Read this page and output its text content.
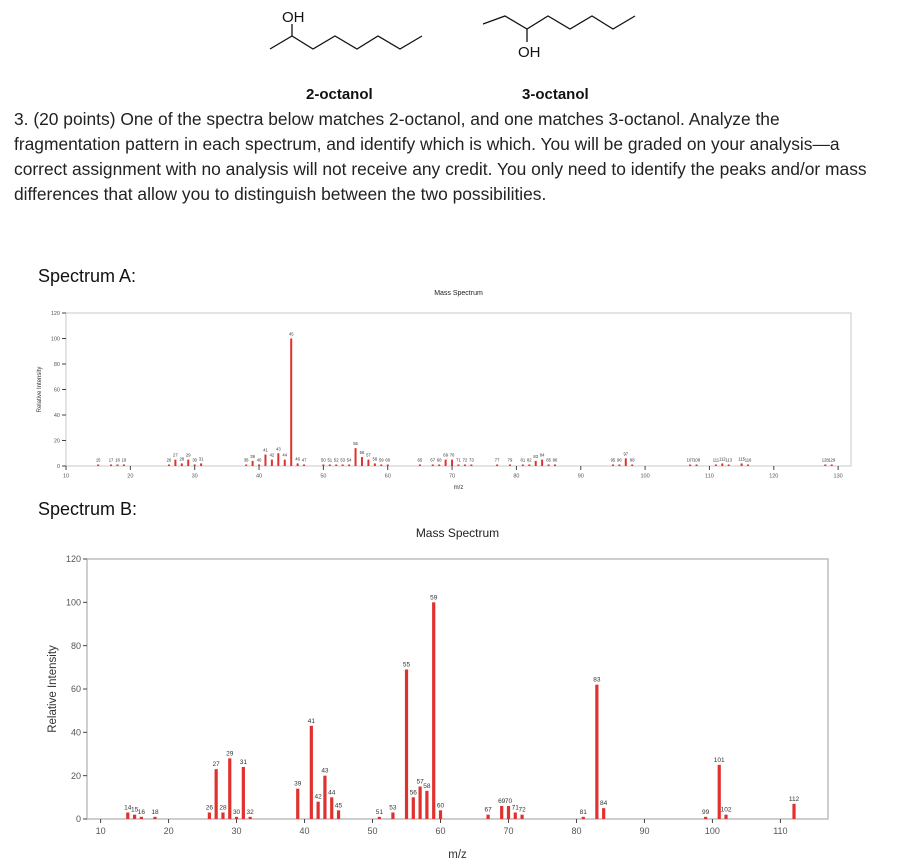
OH
OH
2-octanol	3-octanol
3. (20 points) One of the spectra below matches 2-octanol, and one matches 3-octanol. Analyze the fragmentation pattern in each spectrum, and identify which is which. You will be graded on your analysis—a correct assignment with no analysis will not receive any credit. You only need to identify the peaks and/or mass differences that allow you to distinguish between the two possibilities.
Spectrum A:
Spectrum B:
0
20
40
60
80
100
120
10	20	30	40	50	60	70	80	90	100	110	120	130
Mass Spectrum
m/z
Relative Intensity
15 17 18 19	26
27
28
29
30 31	38
39
40
41
42
43
44
45
46 47	50 51 52 53 54
55
56
57
58 59 60	65 67 68
69 70
71 72 73	77 79 81 82
83 84
85 86	95 96
97
98	107 108	111 112 113 115 116	128 129
0
20
40
60
80
100
120
10	20	30	40	50	60	70	80	90	100	110
Mass Spectrum
m/z
Relative Intensity
14 15 16 18
26
27
28
29
30
31
32
39
41
42
43
44
45
51
53
55
56
57
58
59
60
67
69 70
71 72	81
83
84
99
101
102
112
